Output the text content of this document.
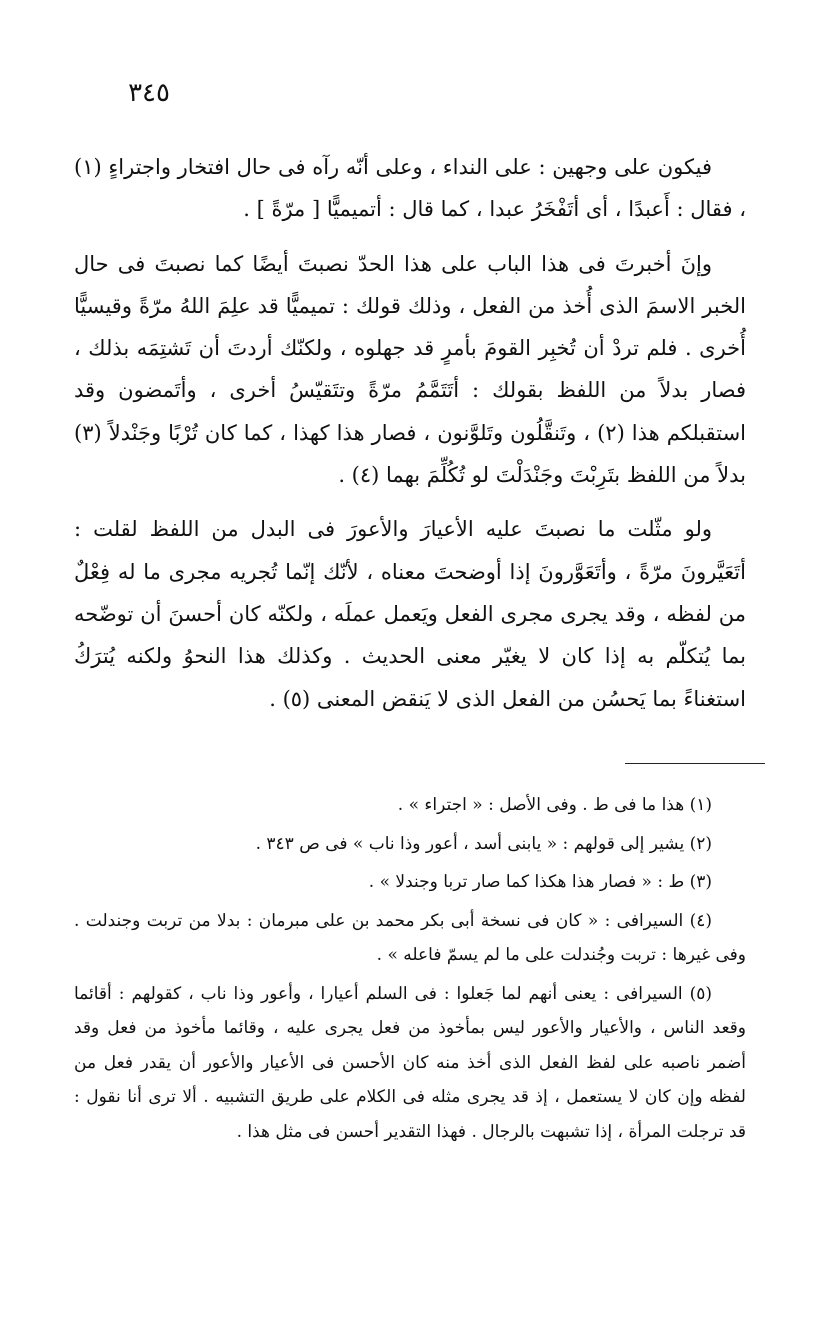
٣٤٥

فيكون على وجهين : على النداء ، وعلى أنّه رآه فى حال افتخار واجتراءٍ (١) ، فقال : أَعبدًا ، أى أتَفْخَرُ عبدا ، كما قال : أتميميًّا [ مرّةً ] .

وإنَ أخبرتَ فى هذا الباب على هذا الحدّ نصبتَ أيضًا كما نصبتَ فى حال الخبر الاسمَ الذى أُخذ من الفعل ، وذلك قولك : تميميًّا قد علِمَ اللهُ مرّةً وقيسيًّا أُخرى . فلم تردْ أن تُخبِر القومَ بأمرٍ قد جهلوه ، ولكنّك أردتَ أن تَشتِمَه بذلك ، فصار بدلاً من اللفظ بقولك : أتَتَمَّمُ مرّةً وتتَقيّسُ أخرى ، وأتَمضون وقد استقبلكم هذا (٢) ، وتَنقَّلُون وتَلوَّنون ، فصار هذا كهذا ، كما كان تُرْبًا وجَنْدلاً (٣) بدلاً من اللفظ بتَرِبْتَ وجَنْدَلْتَ لو تُكُلِّمَ بهما (٤) .

ولو مثّلت ما نصبتَ عليه الأعيارَ والأعورَ فى البدل من اللفظ لقلت : أتَعَيَّرونَ مرّةً ، وأتَعَوَّرونَ إذا أوضحتَ معناه ، لأنّك إنّما تُجريه مجرى ما له فِعْلٌ من لفظه ، وقد يجرى مجرى الفعل ويَعمل عملَه ، ولكنّه كان أحسنَ أن توضّحه بما يُتكلّم به إذا كان لا يغيّر معنى الحديث . وكذلك هذا النحوُ ولكنه يُترَكُ استغناءً بما يَحسُن من الفعل الذى لا يَنقض المعنى (٥) .

(١) هذا ما فى ط . وفى الأصل : « اجتراء » .

(٢) يشير إلى قولهم : « يابنى أسد ، أعور وذا ناب » فى ص ٣٤٣ .

(٣) ط : « فصار هذا هكذا كما صار تربا وجندلا » .

(٤) السيرافى : « كان فى نسخة أبى بكر محمد بن على مبرمان : بدلا من تربت وجندلت . وفى غيرها : تربت وجُندلت على ما لم يسمّ فاعله » .

(٥) السيرافى : يعنى أنهم لما جَعلوا : فى السلم أعيارا ، وأعور وذا ناب ، كقولهم : أقائما وقعد الناس ، والأعيار والأعور ليس بمأخوذ من فعل يجرى عليه ، وقائما مأخوذ من فعل وقد أضمر ناصبه على لفظ الفعل الذى أخذ منه كان الأحسن فى الأعيار والأعور أن يقدر فعل من لفظه وإن كان لا يستعمل ، إذ قد يجرى مثله فى الكلام على طريق التشبيه . ألا ترى أنا نقول : قد ترجلت المرأة ، إذا تشبهت بالرجال . فهذا التقدير أحسن فى مثل هذا .
